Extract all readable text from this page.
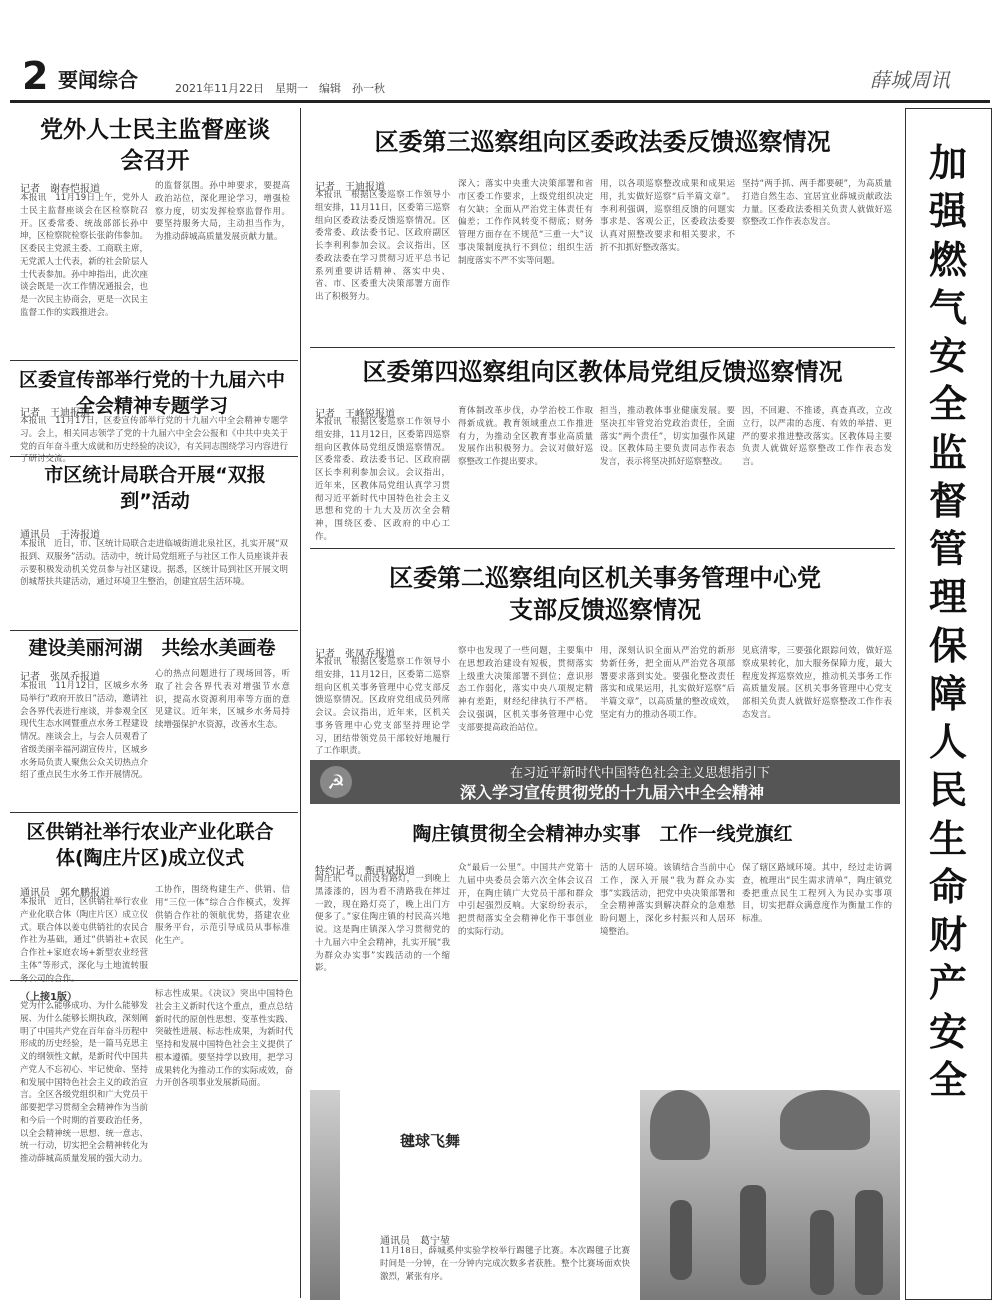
2 要闻综合	2021年11月22日　星期一　编辑　孙一秋	薛城周讯
加强燃气安全监督管理 保障人民生命财产安全
党外人士民主监督座谈会召开
记者　谢春恺报道
本报讯　11月19日上午，党外人士民主监督座谈会在区检察院召开。区委常委、统战部部长孙中坤，区检察院检察长张韵伟参加。区委民主党派主委、工商联主席，无党派人士代表，新的社会阶层人士代表参加。孙中坤指出，此次座谈会既是一次工作情况通报会，也是一次民主协商会，更是一次民主监督工作的实践推进会。
的监督氛围。孙中坤要求，要提高政治站位，深化理论学习，增强检察力度，切实发挥检察监督作用。要坚持服务大局，主动担当作为，为推动薛城高质量发展贡献力量。
区委宣传部举行党的十九届六中全会精神专题学习
记者　王迪报道
本报讯　11月17日，区委宣传部举行党的十九届六中全会精神专题学习。会上，相关同志领学了党的十九届六中全会公报和《中共中央关于党的百年奋斗重大成就和历史经验的决议》，有关同志围绕学习内容进行了研讨交流。
市区统计局联合开展“双报到”活动
通讯员　于涛报道
本报讯　近日，市、区统计局联合走进临城街道北泉社区，扎实开展“双报到、双服务”活动。活动中，统计局党组班子与社区工作人员座谈并表示要积极发动机关党员参与社区建设。据悉，区统计局到社区开展文明创城帮扶共建活动，通过环境卫生整治，创建宜居生活环境。
建设美丽河湖　共绘水美画卷
记者　张凤乔报道
本报讯　11月12日，区城乡水务局举行“政府开放日”活动，邀请社会各界代表进行座谈，并参观全区现代生态水网暨重点水务工程建设情况。座谈会上，与会人员观看了省级美丽幸福河湖宣传片，区城乡水务局负责人聚焦公众关切热点介绍了重点民生水务工作开展情况。
心的热点问题进行了现场回答，听取了社会各界代表对增强节水意识，提高水资源利用率等方面的意见建议。近年来，区城乡水务局持续增强保护水资源，改善水生态。
区供销社举行农业产业化联合体(陶庄片区)成立仪式
通讯员　郭允鹏报道
本报讯　近日，区供销社举行农业产业化联合体（陶庄片区）成立仪式。联合体以姜屯供销社的农民合作社为基础，通过“供销社+农民合作社+家庭农场+新型农业经营主体”等形式，深化与土地流转服务公司的合作。
工协作，围绕构建生产、供销、信用“三位一体”综合合作模式，发挥供销合作社的领航优势，搭建农业服务平台，示范引导成员从事标准化生产。
（上接1版）
党为什么能够成功、为什么能够发展、为什么能够长期执政，深刻阐明了中国共产党在百年奋斗历程中形成的历史经验，是一篇马克思主义的纲领性文献，是新时代中国共产党人不忘初心、牢记使命、坚持和发展中国特色社会主义的政治宣言。全区各级党组织和广大党员干部要把学习贯彻全会精神作为当前和今后一个时期的首要政治任务，以全会精神统一思想、统一意志、统一行动，切实把全会精神转化为推动薛城高质量发展的强大动力。
标志性成果。《决议》突出中国特色社会主义新时代这个重点，重点总结新时代的原创性思想、变革性实践、突破性进展、标志性成果，为新时代坚持和发展中国特色社会主义提供了根本遵循。要坚持学以致用，把学习成果转化为推动工作的实际成效，奋力开创各项事业发展新局面。
区委第三巡察组向区委政法委反馈巡察情况
记者　王迪报道
本报讯　根据区委巡察工作领导小组安排，11月11日，区委第三巡察组向区委政法委反馈巡察情况。区委常委、政法委书记、区政府副区长李利利参加会议。会议指出，区委政法委在学习贯彻习近平总书记系列重要讲话精神、落实中央、省、市、区委重大决策部署方面作出了积极努力。
深入；落实中央重大决策部署和省市区委工作要求，上级党组织决定有欠缺；全面从严治党主体责任有偏差；工作作风转变不彻底；财务管理方面存在不规范“三重一大”议事决策制度执行不到位；组织生活制度落实不严不实等问题。
用，以各项巡察整改成果和成果运用，扎实做好巡察“后半篇文章”。李利利强调，巡察组反馈的问题实事求是、客观公正，区委政法委要认真对照整改要求和相关要求，不折不扣抓好整改落实。
坚持“两手抓、两手都要硬”，为高质量打造自然生态、宜居宜业薛城贡献政法力量。区委政法委相关负责人就做好巡察整改工作作表态发言。
区委第四巡察组向区教体局党组反馈巡察情况
记者　王峰锐报道
本报讯　根据区委巡察工作领导小组安排，11月12日，区委第四巡察组向区教体局党组反馈巡察情况。区委常委、政法委书记、区政府副区长李利利参加会议。会议指出，近年来，区教体局党组认真学习贯彻习近平新时代中国特色社会主义思想和党的十九大及历次全会精神，围绕区委、区政府的中心工作。
育体制改革步伐，办学治校工作取得新成就。教育领域重点工作推进有力，为推动全区教育事业高质量发展作出积极努力。会议对做好巡察整改工作提出要求。
担当，推动教体事业健康发展。要坚决扛牢管党治党政治责任，全面落实“两个责任”，切实加强作风建设。区教体局主要负责同志作表态发言，表示将坚决抓好巡察整改。
因，不回避、不推诿，真查真改，立改立行，以严肃的态度、有效的举措、更严的要求推进整改落实。区教体局主要负责人就做好巡察整改工作作表态发言。
区委第二巡察组向区机关事务管理中心党支部反馈巡察情况
记者　张凤乔报道
本报讯　根据区委巡察工作领导小组安排，11月12日，区委第二巡察组向区机关事务管理中心党支部反馈巡察情况。区政府党组成员列席会议。会议指出，近年来，区机关事务管理中心党支部坚持理论学习，团结带领党员干部较好地履行了工作职责。
察中也发现了一些问题，主要集中在思想政治建设有短板，贯彻落实上级重大决策部署不到位；意识形态工作弱化，落实中央八项规定精神有差距，财经纪律执行不严格。会议强调，区机关事务管理中心党支部要提高政治站位。
用，深刻认识全面从严治党的新形势新任务，把全面从严治党各项部署要求落到实处。要强化整改责任落实和成果运用，扎实做好巡察“后半篇文章”，以高质量的整改成效，坚定有力的推动各项工作。
见底清零，三要强化跟踪问效，做好巡察成果转化，加大服务保障力度，最大程度发挥巡察效应，推动机关事务工作高质量发展。区机关事务管理中心党支部相关负责人就做好巡察整改工作作表态发言。
☭	在习近平新时代中国特色社会主义思想指引下
深入学习宣传贯彻党的十九届六中全会精神
陶庄镇贯彻全会精神办实事　工作一线党旗红
特约记者　甄再斌报道
陶庄讯　“以前没有路灯，一到晚上黑漆漆的，因为看不清路我在摔过一跤，现在路灯亮了，晚上出门方便多了。”家住陶庄镇的村民高兴地说。这是陶庄镇深入学习贯彻党的十九届六中全会精神，扎实开展“我为群众办实事”实践活动的一个缩影。
众“最后一公里”。中国共产党第十九届中央委员会第六次全体会议召开，在陶庄镇广大党员干部和群众中引起强烈反响。大家纷纷表示，把贯彻落实全会精神化作干事创业的实际行动。
活的人居环境。该镇结合当前中心工作，深入开展“我为群众办实事”实践活动，把党中央决策部署和全会精神落实到解决群众的急难愁盼问题上，深化乡村振兴和人居环境整治。
保了辖区路域环境。其中，经过走访调查，梳理出“民生需求清单”，陶庄镇党委把重点民生工程列入为民办实事项目，切实把群众满意度作为衡量工作的标准。
毽球飞舞
通讯员　葛宁堃
11月18日，薛城奚仲实验学校举行踢毽子比赛。本次踢毽子比赛时间是一分钟，在一分钟内完成次数多者获胜。整个比赛场面欢快激烈，紧张有序。
